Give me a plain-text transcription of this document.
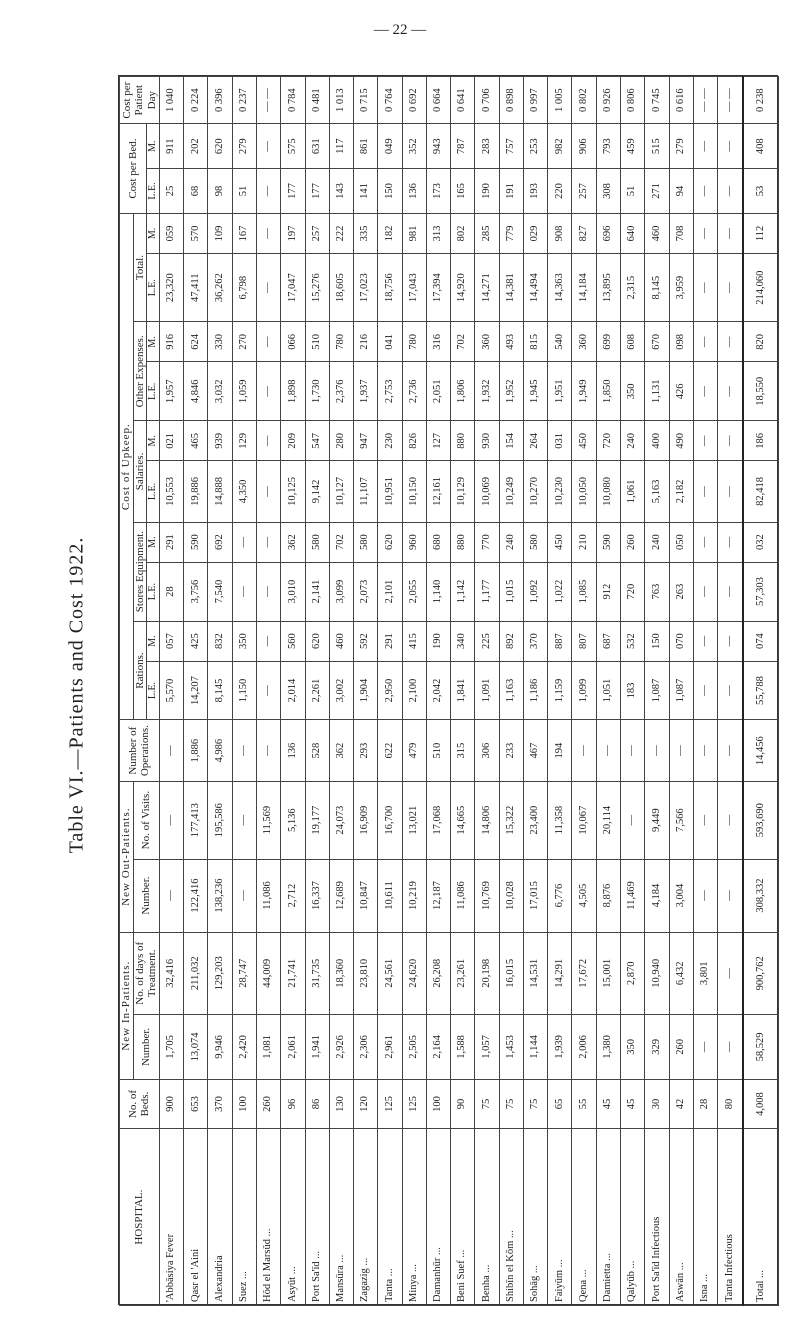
— 22 —
Table VI.—Patients and Cost 1922.
HOSPITAL.	No. of Beds.	New In-Patients.		New Out-Patients.		Number of Operations.	Cost of Upkeep.										Cost per Bed.		Cost per Patient Day
		Number.	No. of days of Treatment.	Number.	No. of Visits.		Rations.		Stores Equipment.		Salaries.		Other Expenses.		Total.				
							L.E.	M.	L.E.	M.	L.E.	M.	L.E.	M.	L.E.	M.	L.E.	M.	
'Abbāsiya Fever	900	1,705	32,416	—	—	—	5,570	057	28	291	10,553	021	1,957	916	23,320	059	25	911	1 040
Qasr el 'Aini	653	13,074	211,032	122,416	177,413	1,886	14,207	425	3,756	590	19,886	465	4,846	624	47,411	570	68	202	0 224
Alexandria	370	9,946	129,203	138,236	195,586	4,986	8,145	832	7,540	692	14,888	939	3,032	330	36,262	109	98	620	0 396
Suez ...	100	2,420	28,747	—	—	—	1,150	350	—	—	4,350	129	1,059	270	6,798	167	51	279	0 237
Hōd el Marsūd ...	260	1,081	44,009	11,086	11,569	—	—	—	—	—	—	—	—	—	—	—	—	—	— —
Asyūt ...	96	2,061	21,741	2,712	5,136	136	2,014	560	3,010	362	10,125	209	1,898	066	17,047	197	177	575	0 784
Port Sa'īd ...	86	1,941	31,735	16,337	19,177	528	2,261	620	2,141	580	9,142	547	1,730	510	15,276	257	177	631	0 481
Mansūra ...	130	2,926	18,360	12,689	24,073	362	3,002	460	3,099	702	10,127	280	2,376	780	18,605	222	143	117	1 013
Zagazig ...	120	2,306	23,810	10,847	16,909	293	1,904	592	2,073	580	11,107	947	1,937	216	17,023	335	141	861	0 715
Tanta ...	125	2,961	24,561	10,611	16,700	622	2,950	291	2,101	620	10,951	230	2,753	041	18,756	182	150	049	0 764
Minya ...	125	2,505	24,620	10,219	13,021	479	2,100	415	2,055	960	10,150	826	2,736	780	17,043	981	136	352	0 692
Damanhūr ...	100	2,164	26,208	12,187	17,068	510	2,042	190	1,140	680	12,161	127	2,051	316	17,394	313	173	943	0 664
Beni Suef ...	90	1,588	23,261	11,086	14,665	315	1,841	340	1,142	880	10,129	880	1,806	702	14,920	802	165	787	0 641
Benha ...	75	1,057	20,198	10,769	14,806	306	1,091	225	1,177	770	10,069	930	1,932	360	14,271	285	190	283	0 706
Shibīn el Kōm ...	75	1,453	16,015	10,028	15,322	233	1,163	892	1,015	240	10,249	154	1,952	493	14,381	779	191	757	0 898
Sohāg ...	75	1,144	14,531	17,015	23,400	467	1,186	370	1,092	580	10,270	264	1,945	815	14,494	029	193	253	0 997
Faiyūm ...	65	1,939	14,291	6,776	11,358	194	1,159	887	1,022	450	10,230	031	1,951	540	14,363	908	220	982	1 005
Qena ...	55	2,006	17,672	4,505	10,067	—	1,099	807	1,085	210	10,050	450	1,949	360	14,184	827	257	906	0 802
Damietta ...	45	1,380	15,001	8,876	20,114	—	1,051	687	912	590	10,080	720	1,850	699	13,895	696	308	793	0 926
Qalyūb ...	45	350	2,870	11,469	—	—	183	532	720	260	1,061	240	350	608	2,315	640	51	459	0 806
Port Sa'īd Infectious	30	329	10,940	4,184	9,449	—	1,087	150	763	240	5,163	400	1,131	670	8,145	460	271	515	0 745
Aswān ...	42	260	6,432	3,004	7,566	—	1,087	070	263	050	2,182	490	426	098	3,959	708	94	279	0 616
Isna ...	28	—	3,801	—	—	—	—	—	—	—	—	—	—	—	—	—	—	—	— —
Tanta Infectious	80	—	—	—	—	—	—	—	—	—	—	—	—	—	—	—	—	—	— —
Total ...	4,008	58,529	900,762	308,332	593,690	14,456	55,788	074	57,303	032	82,418	186	18,550	820	214,060	112	53	408	0 238
